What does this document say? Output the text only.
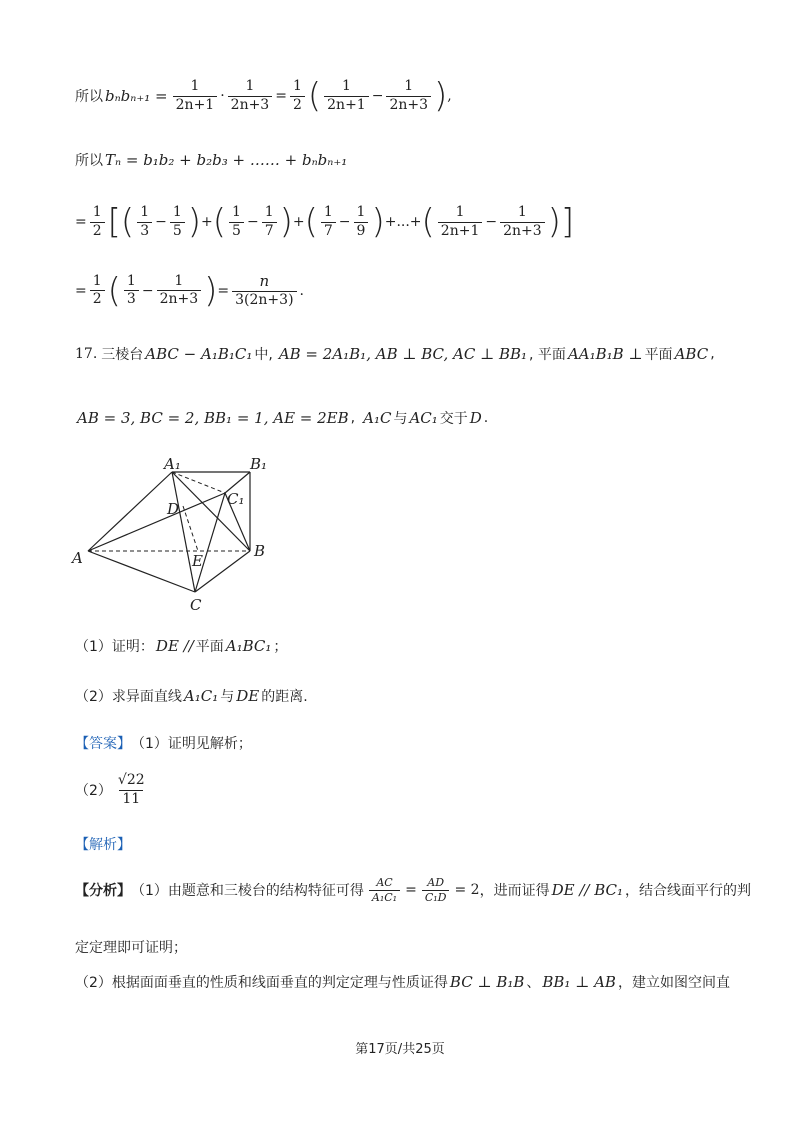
所以 $b_nb_{n+1} = \frac{1}{2n+1} \cdot \frac{1}{2n+3} = \frac{1}{2}$ ( $\frac{1}{2n+1} - \frac{1}{2n+3}$ ) ,
所以 Tₙ = b₁b₂ + b₂b₃ + …… + bₙbₙ₊₁
= $\frac{1}{2}$ [ ( $\frac{1}{3} - \frac{1}{5}$ ) + ( $\frac{1}{5} - \frac{1}{7}$ ) + ( $\frac{1}{7} - \frac{1}{9}$ ) +...+ ( $\frac{1}{2n+1} - \frac{1}{2n+3}$ ) ]
= $\frac{1}{2}$ ( $\frac{1}{3} - \frac{1}{2n+3}$ ) = $\frac{n}{3(2n+3)}$ .
17. 三棱台 ABC − A₁B₁C₁ 中, AB = 2A₁B₁, AB ⊥ BC, AC ⊥ BB₁ , 平面 AA₁B₁B ⊥ 平面 ABC ,
AB = 3, BC = 2, BB₁ = 1, AE = 2EB , A₁C 与 AC₁ 交于 D .
A₁	B₁
C₁
D
A	E
B
C
（1）证明： DE // 平面 A₁BC₁ ；
（2）求异面直线 A₁C₁ 与 DE 的距离.
【答案】 （1）证明见解析；
$(2) \frac{√22}{11}$
【解析】
【分析】 （1）由题意和三棱台的结构特征可得 $\frac{AC}{\text{A₁C₁}} = \frac{AD}{\text{C₁D}} = 2$ ，进而证得 DE // BC₁ ，结合线面平行的判
定定理即可证明；
（2）根据面面垂直的性质和线面垂直的判定定理与性质证得 BC ⊥ B₁B 、 BB₁ ⊥ AB ，建立如图空间直
第17页/共25页
